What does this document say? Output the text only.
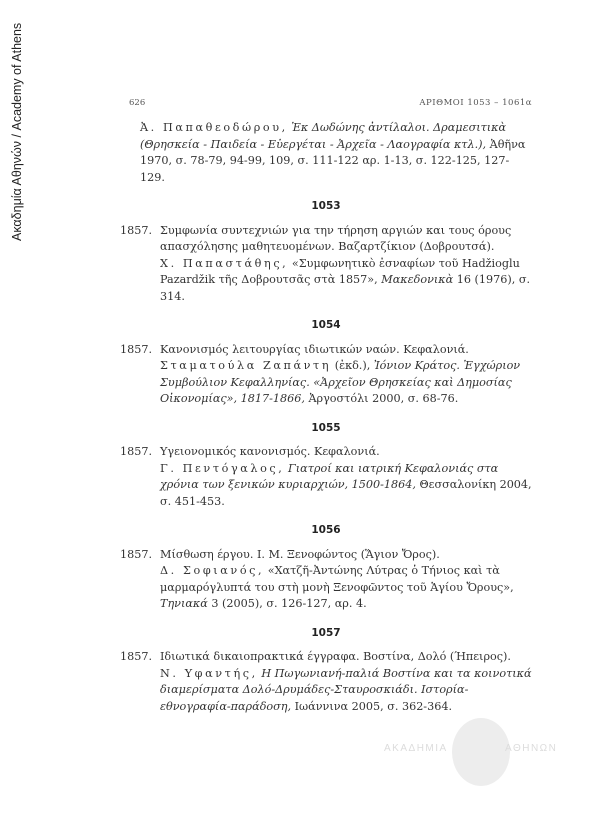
Ακαδημία Αθηνών / Academy of Athens	626	ΑΡΙΘΜΟΙ 1053 – 1061α

Ἀ. Παπαθεοδώρου, Ἐκ Δωδώνης ἀντίλαλοι. Δραμεσιτικὰ (Θρησκεία - Παιδεία - Εὐεργέται - Ἀρχεῖα - Λαογραφία κτλ.), Ἀθῆνα 1970, σ. 78-79, 94-99, 109, σ. 111-122 αρ. 1-13, σ. 122-125, 127-129.

1053
1857. Συμφωνία συντεχνιών για την τήρηση αργιών και τους όρους απασχόλησης μαθητευομένων. Βαζαρτζίκιον (Δοβρουτσά).

Χ. Παπαστάθης, «Συμφωνητικὸ ἐσναφίων τοῦ Hadžioglu Pazardžik τῆς Δοβρουτσᾶς στὰ 1857», Μακεδονικὰ 16 (1976), σ. 314.

1054
1857. Κανονισμός λειτουργίας ιδιωτικών ναών. Κεφαλονιά.

Σταματούλα Ζαπάντη (ἐκδ.), Ἰόνιον Κράτος. Ἐγχώριον Συμβούλιον Κεφαλληνίας. «Ἀρχεῖον Θρησκείας καὶ Δημοσίας Οἰκονομίας», 1817-1866, Ἀργοστόλι 2000, σ. 68-76.

1055
1857. Υγειονομικός κανονισμός. Κεφαλονιά.

Γ. Πεντόγαλος, Γιατροί και ιατρική Κεφαλονιάς στα χρόνια των ξενικών κυριαρχιών, 1500-1864, Θεσσαλονίκη 2004, σ. 451-453.

1056
1857. Μίσθωση έργου. Ι. Μ. Ξενοφώντος (Ἅγιον Ὄρος).

Δ. Σοφιανός, «Χατζῆ-Ἀντώνης Λύτρας ὁ Τήνιος καὶ τὰ μαρμαρόγλυπτά του στὴ μονὴ Ξενοφῶντος τοῦ Ἁγίου Ὄρους», Τηνιακά 3 (2005), σ. 126-127, αρ. 4.

1057
1857. Ιδιωτικά δικαιοπρακτικά έγγραφα. Βοστίνα, Δολό (Ήπειρος).

Ν. Υφαντής, Η Πωγωνιανή-παλιά Βοστίνα και τα κοινοτικά διαμερίσματα Δολό-Δρυμάδες-Σταυροσκιάδι. Ιστορία-εθνογραφία-παράδοση, Ιωάννινα 2005, σ. 362-364.

ΑΚΑΔΗΜΙΑ	ΑΘΗΝΩΝ
